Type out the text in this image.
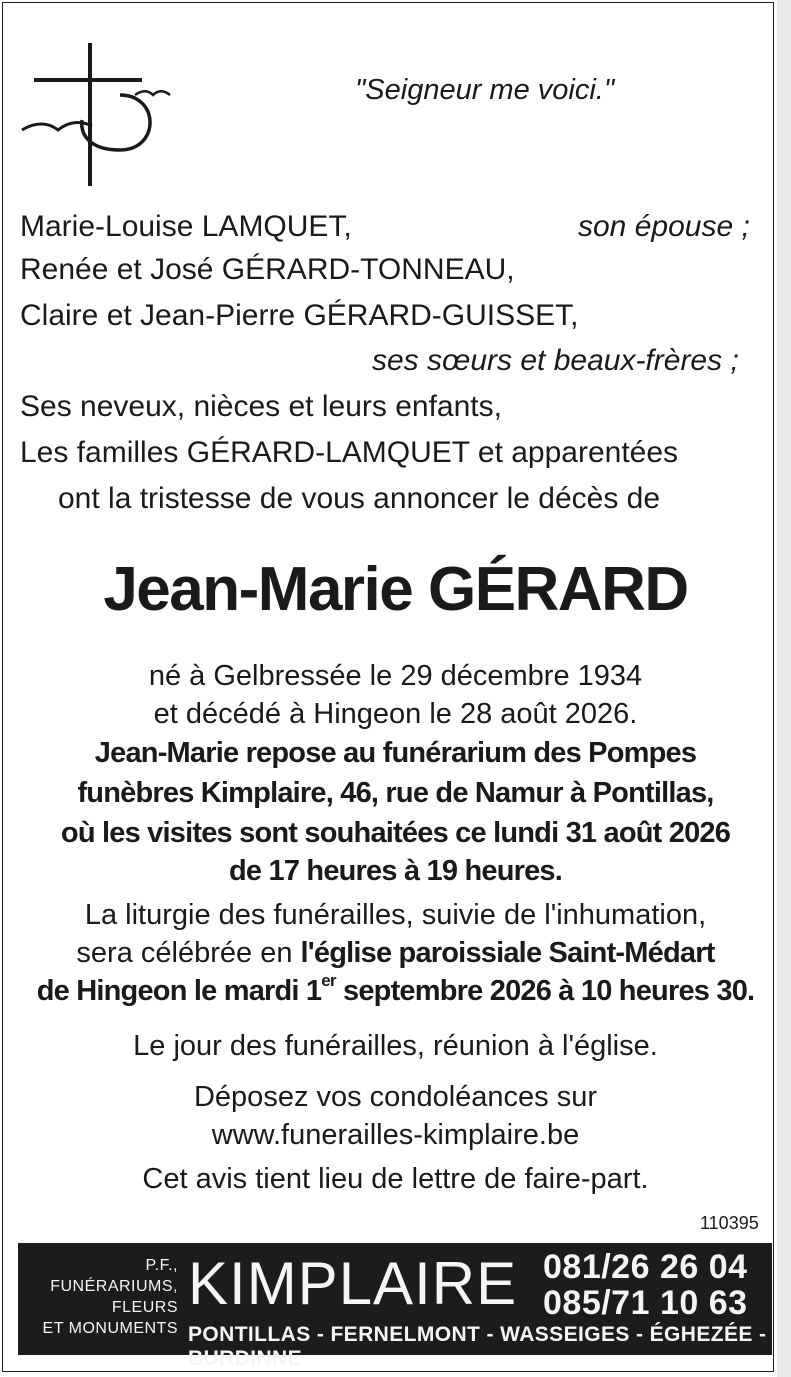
"Seigneur me voici."
Marie-Louise LAMQUET,	son épouse ;
Renée et José GÉRARD-TONNEAU,
Claire et Jean-Pierre GÉRARD-GUISSET,
ses sœurs et beaux-frères ;
Ses neveux, nièces et leurs enfants,
Les familles GÉRARD-LAMQUET et apparentées
ont la tristesse de vous annoncer le décès de
Jean-Marie GÉRARD
né à Gelbressée le 29 décembre 1934
et décédé à Hingeon le 28 août 2026.
Jean-Marie repose au funérarium des Pompes
funèbres Kimplaire, 46, rue de Namur à Pontillas,
où les visites sont souhaitées ce lundi 31 août 2026
de 17 heures à 19 heures.
La liturgie des funérailles, suivie de l'inhumation,
sera célébrée en l'église paroissiale Saint-Médart
de Hingeon le mardi 1er septembre 2026 à 10 heures 30.
Le jour des funérailles, réunion à l'église.
Déposez vos condoléances sur
www.funerailles-kimplaire.be
Cet avis tient lieu de lettre de faire-part.
110395
P.F.,
FUNÉRARIUMS,
FLEURS
ET MONUMENTS
KIMPLAIRE 081/26 26 04
085/71 10 63
PONTILLAS - FERNELMONT - WASSEIGES - ÉGHEZÉE - BURDINNE
